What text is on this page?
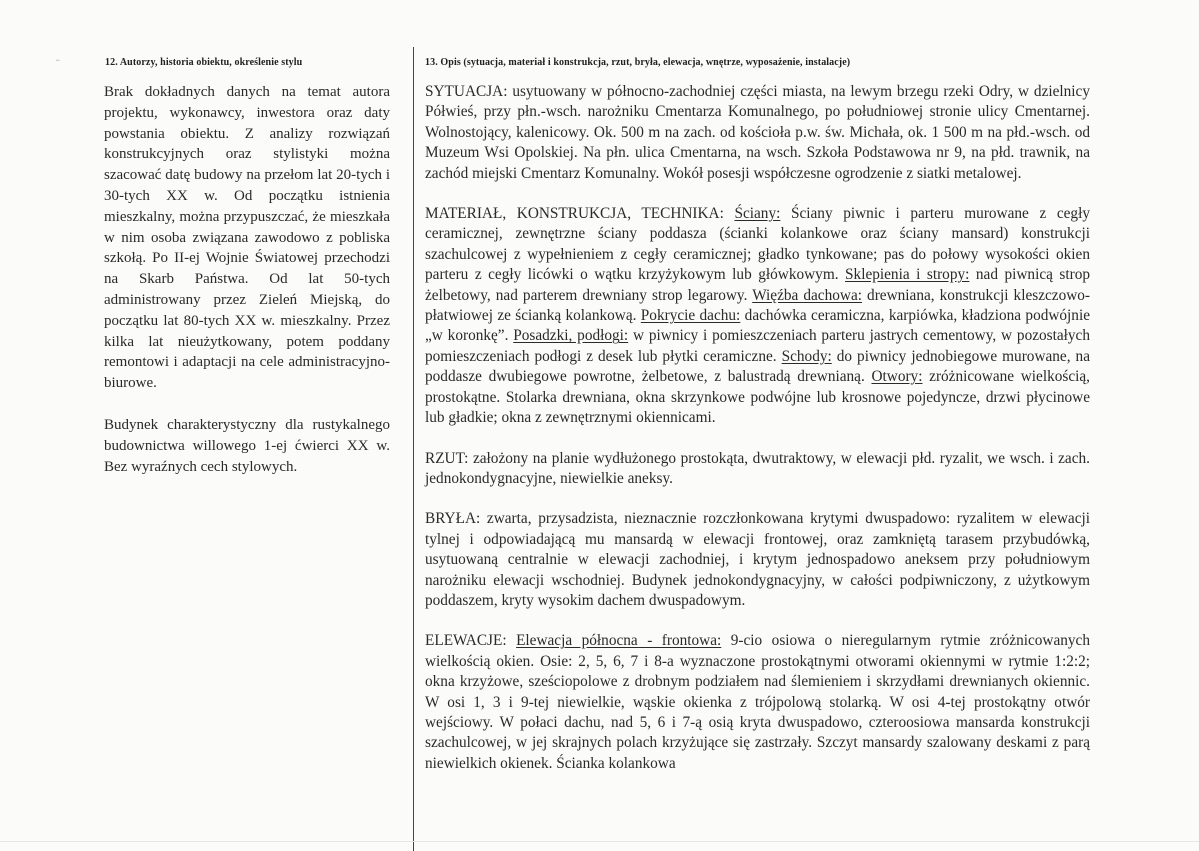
˜	12. Autorzy, historia obiektu, określenie stylu

Brak dokładnych danych na temat autora projektu, wykonawcy, inwestora oraz daty powstania obiektu. Z analizy rozwiązań konstrukcyjnych oraz stylistyki można szacować datę budowy na przełom lat 20-tych i 30-tych XX w. Od początku istnienia mieszkalny, można przypuszczać, że mieszkała w nim osoba związana zawodowo z pobliska szkołą. Po II-ej Wojnie Światowej przechodzi na Skarb Państwa. Od lat 50-tych administrowany przez Zieleń Miejską, do początku lat 80-tych XX w. mieszkalny. Przez kilka lat nieużytkowany, potem poddany remontowi i adaptacji na cele administracyjno-biurowe.

Budynek charakterystyczny dla rustykalnego budownictwa willowego 1-ej ćwierci XX w. Bez wyraźnych cech stylowych.

13. Opis (sytuacja, materiał i konstrukcja, rzut, bryła, elewacja, wnętrze, wyposażenie, instalacje)

SYTUACJA: usytuowany w północno-zachodniej części miasta, na lewym brzegu rzeki Odry, w dzielnicy Półwieś, przy płn.-wsch. narożniku Cmentarza Komunalnego, po południowej stronie ulicy Cmentarnej. Wolnostojący, kalenicowy. Ok. 500 m na zach. od kościoła p.w. św. Michała, ok. 1 500 m na płd.-wsch. od Muzeum Wsi Opolskiej. Na płn. ulica Cmentarna, na wsch. Szkoła Podstawowa nr 9, na płd. trawnik, na zachód miejski Cmentarz Komunalny. Wokół posesji współczesne ogrodzenie z siatki metalowej.

MATERIAŁ, KONSTRUKCJA, TECHNIKA: Ściany: Ściany piwnic i parteru murowane z cegły ceramicznej, zewnętrzne ściany poddasza (ścianki kolankowe oraz ściany mansard) konstrukcji szachulcowej z wypełnieniem z cegły ceramicznej; gładko tynkowane; pas do połowy wysokości okien parteru z cegły licówki o wątku krzyżykowym lub główkowym. Sklepienia i stropy: nad piwnicą strop żelbetowy, nad parterem drewniany strop legarowy. Więźba dachowa: drewniana, konstrukcji kleszczowo-płatwiowej ze ścianką kolankową. Pokrycie dachu: dachówka ceramiczna, karpiówka, kładziona podwójnie „w koronkę”. Posadzki, podłogi: w piwnicy i pomieszczeniach parteru jastrych cementowy, w pozostałych pomieszczeniach podłogi z desek lub płytki ceramiczne. Schody: do piwnicy jednobiegowe murowane, na poddasze dwubiegowe powrotne, żelbetowe, z balustradą drewnianą. Otwory: zróżnicowane wielkością, prostokątne. Stolarka drewniana, okna skrzynkowe podwójne lub krosnowe pojedyncze, drzwi płycinowe lub gładkie; okna z zewnętrznymi okiennicami.

RZUT: założony na planie wydłużonego prostokąta, dwutraktowy, w elewacji płd. ryzalit, we wsch. i zach. jednokondygnacyjne, niewielkie aneksy.

BRYŁA: zwarta, przysadzista, nieznacznie rozczłonkowana krytymi dwuspadowo: ryzalitem w elewacji tylnej i odpowiadającą mu mansardą w elewacji frontowej, oraz zamkniętą tarasem przybudówką, usytuowaną centralnie w elewacji zachodniej, i krytym jednospadowo aneksem przy południowym narożniku elewacji wschodniej. Budynek jednokondygnacyjny, w całości podpiwniczony, z użytkowym poddaszem, kryty wysokim dachem dwuspadowym.

ELEWACJE: Elewacja północna - frontowa: 9-cio osiowa o nieregularnym rytmie zróżnicowanych wielkością okien. Osie: 2, 5, 6, 7 i 8-a wyznaczone prostokątnymi otworami okiennymi w rytmie 1:2:2; okna krzyżowe, sześciopolowe z drobnym podziałem nad ślemieniem i skrzydłami drewnianych okiennic. W osi 1, 3 i 9-tej niewielkie, wąskie okienka z trójpolową stolarką. W osi 4-tej prostokątny otwór wejściowy. W połaci dachu, nad 5, 6 i 7-ą osią kryta dwuspadowo, czteroosiowa mansarda konstrukcji szachulcowej, w jej skrajnych polach krzyżujące się zastrzały. Szczyt mansardy szalowany deskami z parą niewielkich okienek. Ścianka kolankowa
